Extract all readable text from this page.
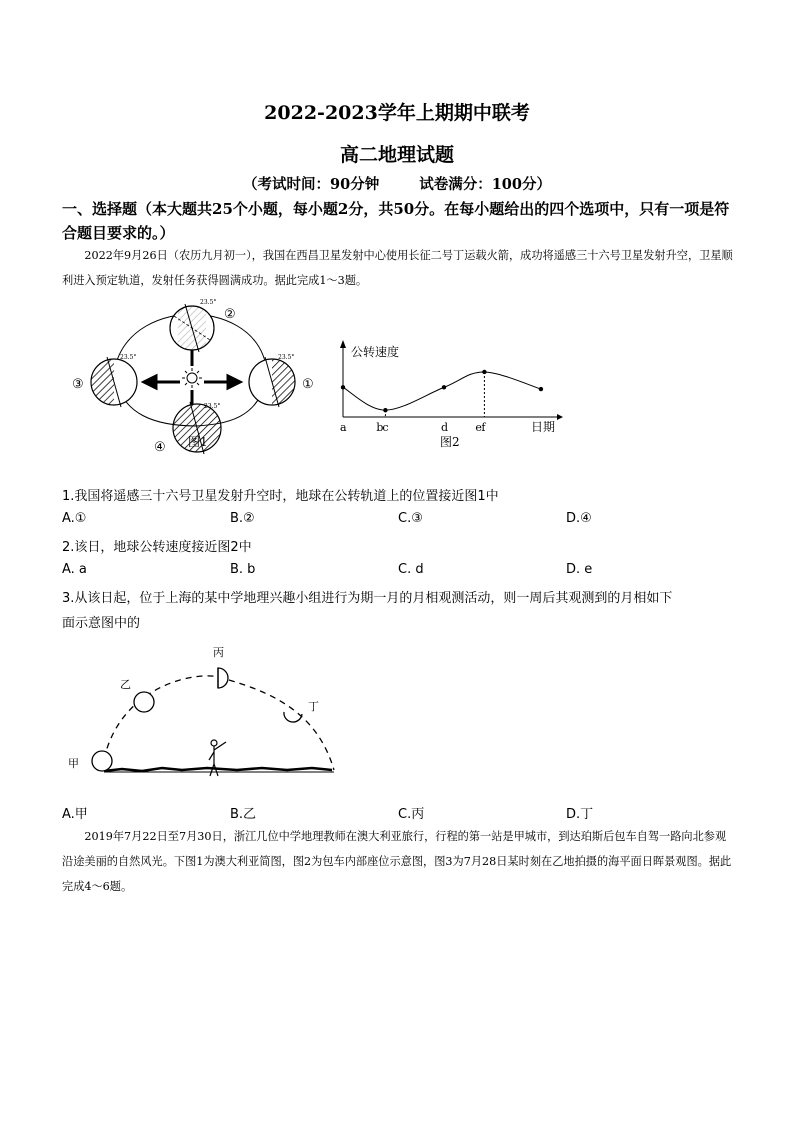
2022-2023学年上期期中联考
高二地理试题
（考试时间：90分钟	试卷满分：100分）
一、选择题（本大题共25个小题，每小题2分，共50分。在每小题给出的四个选项中，只有一项是符合题目要求的。）
2022年9月26日（农历九月初一），我国在西昌卫星发射中心使用长征二号丁运载火箭，成功将遥感三十六号卫星发射升空，卫星顺利进入预定轨道，发射任务获得圆满成功。据此完成1～3题。
23.5°
②
23.5°
③
23.5°
①
23.5°
④ 图1
公转速度
日期
a	b c	d e f
图2
1.我国将遥感三十六号卫星发射升空时，地球在公转轨道上的位置接近图1中
A.①	B.②	C.③	D.④
2.该日，地球公转速度接近图2中
A. a	B. b	C. d	D. e
3.从该日起，位于上海的某中学地理兴趣小组进行为期一月的月相观测活动，则一周后其观测到的月相如下
面示意图中的
甲
乙
丙
丁
A.甲	B.乙	C.丙	D.丁
2019年7月22日至7月30日，浙江几位中学地理教师在澳大利亚旅行，行程的第一站是甲城市，到达珀斯后包车自驾一路向北参观沿途美丽的自然风光。下图1为澳大利亚简图，图2为包车内部座位示意图，图3为7月28日某时刻在乙地拍摄的海平面日晖景观图。据此完成4～6题。
